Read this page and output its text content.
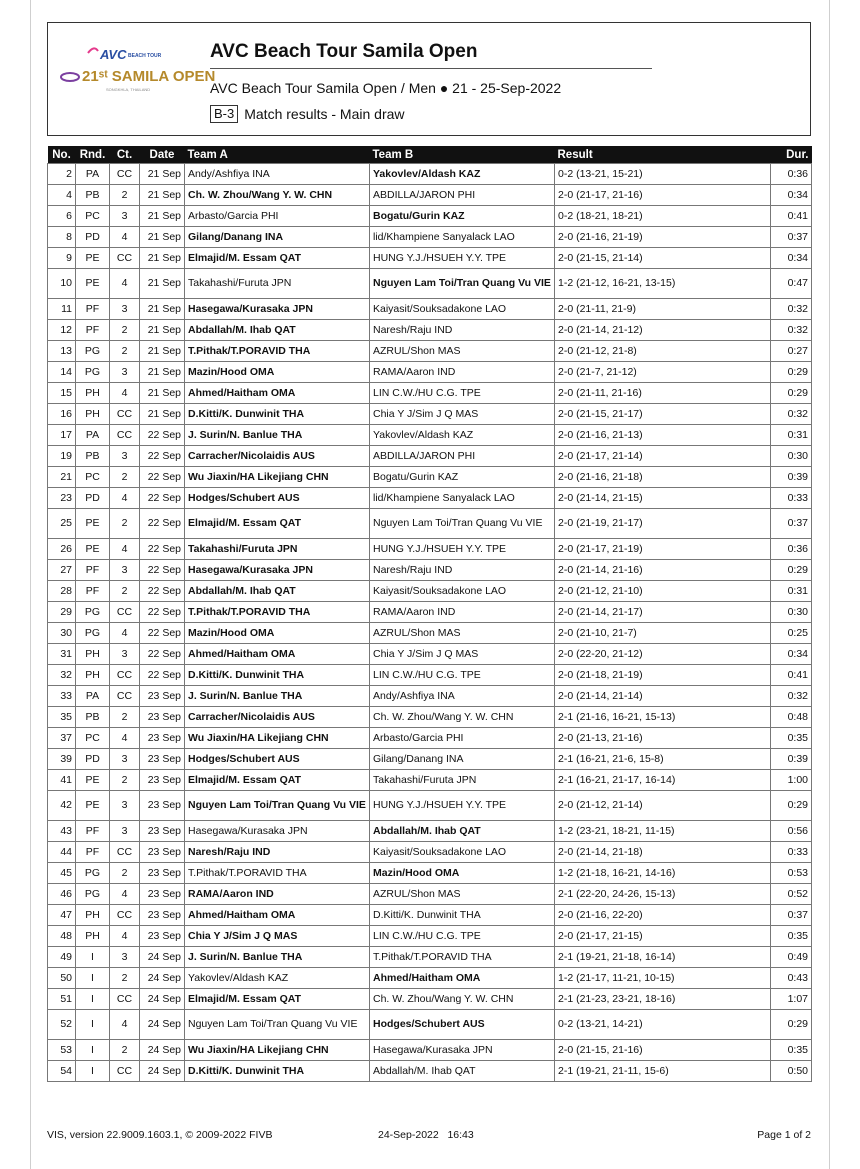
AVC BEACH TOUR
21ˢᵗ SAMILA OPEN
SONGKHLA, THAILAND
AVC Beach Tour Samila Open
AVC Beach Tour Samila Open / Men ● 21 - 25-Sep-2022
B-3 Match results - Main draw
No.	Rnd.	Ct.	Date	Team A	Team B	Result	Dur.
2	PA	CC	21 Sep	Andy/Ashfiya INA	Yakovlev/Aldash KAZ	0-2 (13-21, 15-21)	0:36
4	PB	2	21 Sep	Ch. W. Zhou/Wang Y. W. CHN	ABDILLA/JARON PHI	2-0 (21-17, 21-16)	0:34
6	PC	3	21 Sep	Arbasto/Garcia PHI	Bogatu/Gurin KAZ	0-2 (18-21, 18-21)	0:41
8	PD	4	21 Sep	Gilang/Danang INA	lid/Khampiene Sanyalack LAO	2-0 (21-16, 21-19)	0:37
9	PE	CC	21 Sep	Elmajid/M. Essam QAT	HUNG Y.J./HSUEH Y.Y. TPE	2-0 (21-15, 21-14)	0:34
10	PE	4	21 Sep	Takahashi/Furuta JPN	Nguyen Lam Toi/Tran Quang Vu VIE	1-2 (21-12, 16-21, 13-15)	0:47
11	PF	3	21 Sep	Hasegawa/Kurasaka JPN	Kaiyasit/Souksadakone LAO	2-0 (21-11, 21-9)	0:32
12	PF	2	21 Sep	Abdallah/M. Ihab QAT	Naresh/Raju IND	2-0 (21-14, 21-12)	0:32
13	PG	2	21 Sep	T.Pithak/T.PORAVID THA	AZRUL/Shon MAS	2-0 (21-12, 21-8)	0:27
14	PG	3	21 Sep	Mazin/Hood OMA	RAMA/Aaron IND	2-0 (21-7, 21-12)	0:29
15	PH	4	21 Sep	Ahmed/Haitham OMA	LIN C.W./HU C.G. TPE	2-0 (21-11, 21-16)	0:29
16	PH	CC	21 Sep	D.Kitti/K. Dunwinit THA	Chia Y J/Sim J Q MAS	2-0 (21-15, 21-17)	0:32
17	PA	CC	22 Sep	J. Surin/N. Banlue THA	Yakovlev/Aldash KAZ	2-0 (21-16, 21-13)	0:31
19	PB	3	22 Sep	Carracher/Nicolaidis AUS	ABDILLA/JARON PHI	2-0 (21-17, 21-14)	0:30
21	PC	2	22 Sep	Wu Jiaxin/HA Likejiang CHN	Bogatu/Gurin KAZ	2-0 (21-16, 21-18)	0:39
23	PD	4	22 Sep	Hodges/Schubert AUS	lid/Khampiene Sanyalack LAO	2-0 (21-14, 21-15)	0:33
25	PE	2	22 Sep	Elmajid/M. Essam QAT	Nguyen Lam Toi/Tran Quang Vu VIE	2-0 (21-19, 21-17)	0:37
26	PE	4	22 Sep	Takahashi/Furuta JPN	HUNG Y.J./HSUEH Y.Y. TPE	2-0 (21-17, 21-19)	0:36
27	PF	3	22 Sep	Hasegawa/Kurasaka JPN	Naresh/Raju IND	2-0 (21-14, 21-16)	0:29
28	PF	2	22 Sep	Abdallah/M. Ihab QAT	Kaiyasit/Souksadakone LAO	2-0 (21-12, 21-10)	0:31
29	PG	CC	22 Sep	T.Pithak/T.PORAVID THA	RAMA/Aaron IND	2-0 (21-14, 21-17)	0:30
30	PG	4	22 Sep	Mazin/Hood OMA	AZRUL/Shon MAS	2-0 (21-10, 21-7)	0:25
31	PH	3	22 Sep	Ahmed/Haitham OMA	Chia Y J/Sim J Q MAS	2-0 (22-20, 21-12)	0:34
32	PH	CC	22 Sep	D.Kitti/K. Dunwinit THA	LIN C.W./HU C.G. TPE	2-0 (21-18, 21-19)	0:41
33	PA	CC	23 Sep	J. Surin/N. Banlue THA	Andy/Ashfiya INA	2-0 (21-14, 21-14)	0:32
35	PB	2	23 Sep	Carracher/Nicolaidis AUS	Ch. W. Zhou/Wang Y. W. CHN	2-1 (21-16, 16-21, 15-13)	0:48
37	PC	4	23 Sep	Wu Jiaxin/HA Likejiang CHN	Arbasto/Garcia PHI	2-0 (21-13, 21-16)	0:35
39	PD	3	23 Sep	Hodges/Schubert AUS	Gilang/Danang INA	2-1 (16-21, 21-6, 15-8)	0:39
41	PE	2	23 Sep	Elmajid/M. Essam QAT	Takahashi/Furuta JPN	2-1 (16-21, 21-17, 16-14)	1:00
42	PE	3	23 Sep	Nguyen Lam Toi/Tran Quang Vu VIE	HUNG Y.J./HSUEH Y.Y. TPE	2-0 (21-12, 21-14)	0:29
43	PF	3	23 Sep	Hasegawa/Kurasaka JPN	Abdallah/M. Ihab QAT	1-2 (23-21, 18-21, 11-15)	0:56
44	PF	CC	23 Sep	Naresh/Raju IND	Kaiyasit/Souksadakone LAO	2-0 (21-14, 21-18)	0:33
45	PG	2	23 Sep	T.Pithak/T.PORAVID THA	Mazin/Hood OMA	1-2 (21-18, 16-21, 14-16)	0:53
46	PG	4	23 Sep	RAMA/Aaron IND	AZRUL/Shon MAS	2-1 (22-20, 24-26, 15-13)	0:52
47	PH	CC	23 Sep	Ahmed/Haitham OMA	D.Kitti/K. Dunwinit THA	2-0 (21-16, 22-20)	0:37
48	PH	4	23 Sep	Chia Y J/Sim J Q MAS	LIN C.W./HU C.G. TPE	2-0 (21-17, 21-15)	0:35
49	I	3	24 Sep	J. Surin/N. Banlue THA	T.Pithak/T.PORAVID THA	2-1 (19-21, 21-18, 16-14)	0:49
50	I	2	24 Sep	Yakovlev/Aldash KAZ	Ahmed/Haitham OMA	1-2 (21-17, 11-21, 10-15)	0:43
51	I	CC	24 Sep	Elmajid/M. Essam QAT	Ch. W. Zhou/Wang Y. W. CHN	2-1 (21-23, 23-21, 18-16)	1:07
52	I	4	24 Sep	Nguyen Lam Toi/Tran Quang Vu VIE	Hodges/Schubert AUS	0-2 (13-21, 14-21)	0:29
53	I	2	24 Sep	Wu Jiaxin/HA Likejiang CHN	Hasegawa/Kurasaka JPN	2-0 (21-15, 21-16)	0:35
54	I	CC	24 Sep	D.Kitti/K. Dunwinit THA	Abdallah/M. Ihab QAT	2-1 (19-21, 21-11, 15-6)	0:50
VIS, version 22.9009.1603.1, © 2009-2022 FIVB	24-Sep-2022   16:43	Page 1 of 2
